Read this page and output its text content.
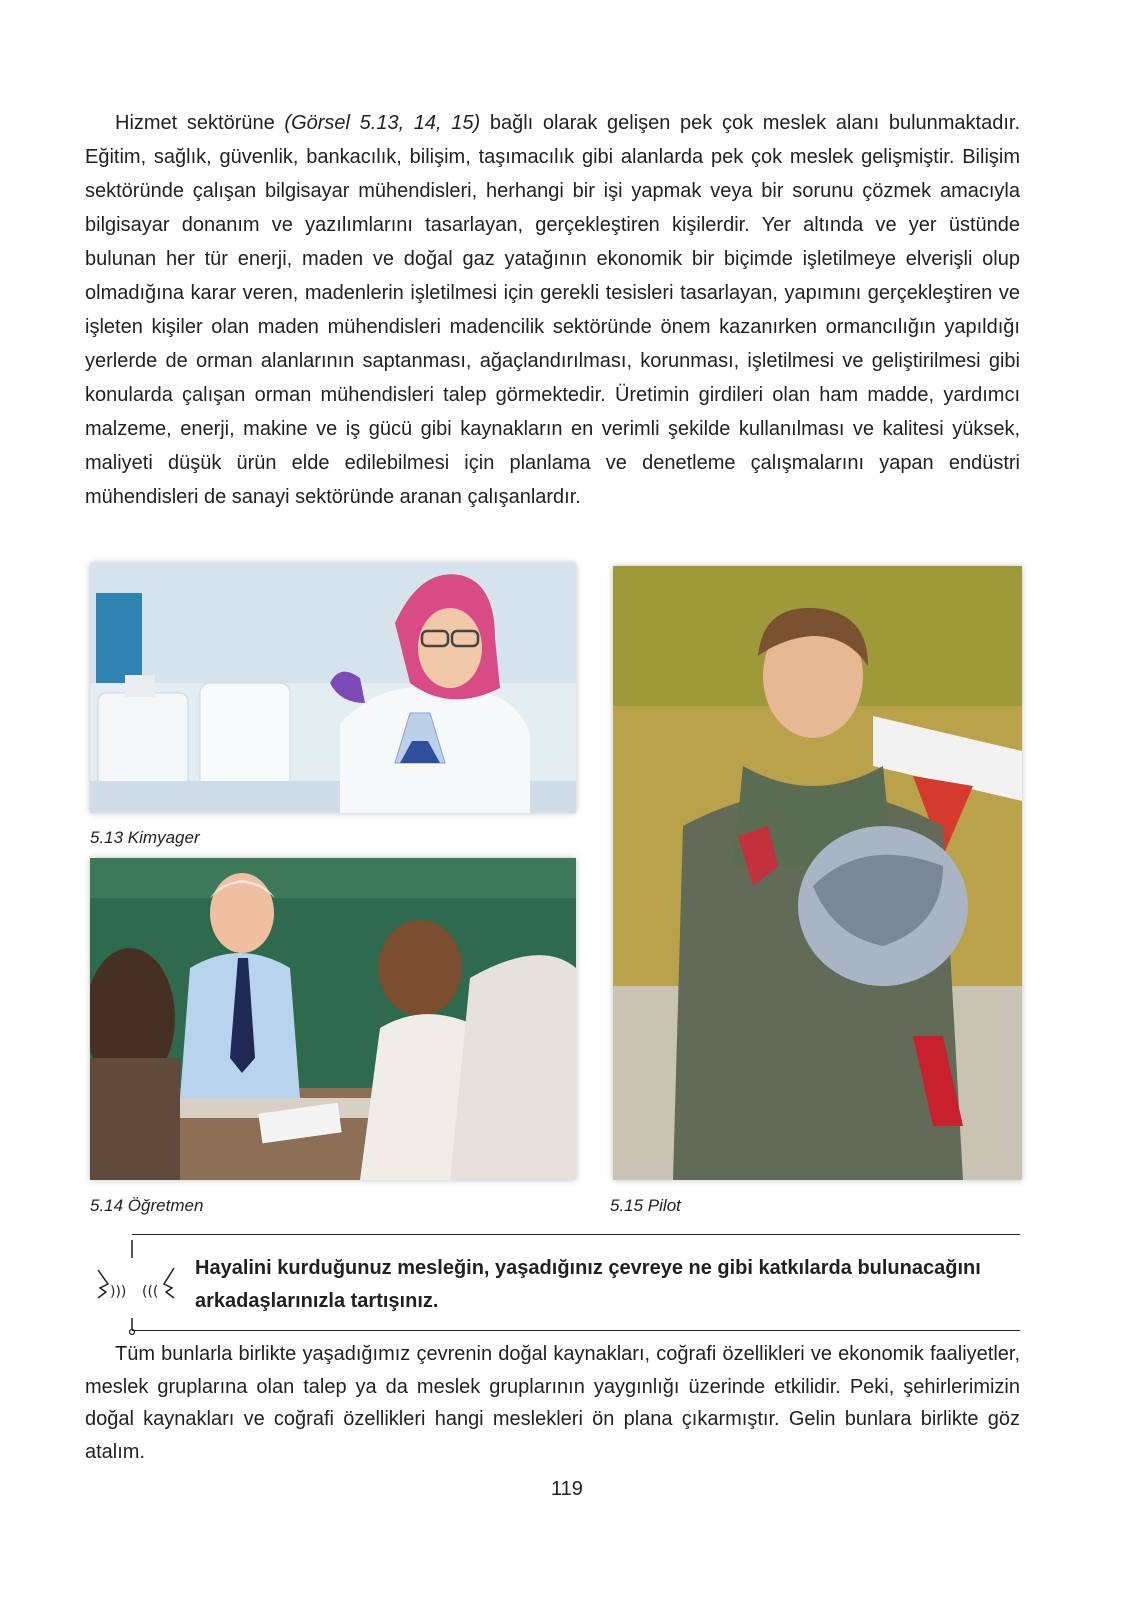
Hizmet sektörüne (Görsel 5.13, 14, 15) bağlı olarak gelişen pek çok meslek alanı bulunmaktadır. Eğitim, sağlık, güvenlik, bankacılık, bilişim, taşımacılık gibi alanlarda pek çok meslek gelişmiştir. Bilişim sektöründe çalışan bilgisayar mühendisleri, herhangi bir işi yapmak veya bir sorunu çözmek amacıyla bilgisayar donanım ve yazılımlarını tasarlayan, gerçekleştiren kişilerdir. Yer altında ve yer üstünde bulunan her tür enerji, maden ve doğal gaz yatağının ekonomik bir biçimde işletilmeye elverişli olup olmadığına karar veren, madenlerin işletilmesi için gerekli tesisleri tasarlayan, yapımını gerçekleştiren ve işleten kişiler olan maden mühendisleri madencilik sektöründe önem kazanırken ormancılığın yapıldığı yerlerde de orman alanlarının saptanması, ağaçlandırılması, korunması, işletilmesi ve geliştirilmesi gibi konularda çalışan orman mühendisleri talep görmektedir. Üretimin girdileri olan ham madde, yardımcı malzeme, enerji, makine ve iş gücü gibi kaynakların en verimli şekilde kullanılması ve kalitesi yüksek, maliyeti düşük ürün elde edilebilmesi için planlama ve denetleme çalışmalarını yapan endüstri mühendisleri de sanayi sektöründe aranan çalışanlardır.

5.13 Kimyager

5.14 Öğretmen	5.15 Pilot

))) (((

Hayalini kurduğunuz mesleğin, yaşadığınız çevreye ne gibi katkılarda bulunacağını arkadaşlarınızla tartışınız.

Tüm bunlarla birlikte yaşadığımız çevrenin doğal kaynakları, coğrafi özellikleri ve ekonomik faaliyetler, meslek gruplarına olan talep ya da meslek gruplarının yaygınlığı üzerinde etkilidir. Peki, şehirlerimizin doğal kaynakları ve coğrafi özellikleri hangi meslekleri ön plana çıkarmıştır. Gelin bunlara birlikte göz atalım.

119
